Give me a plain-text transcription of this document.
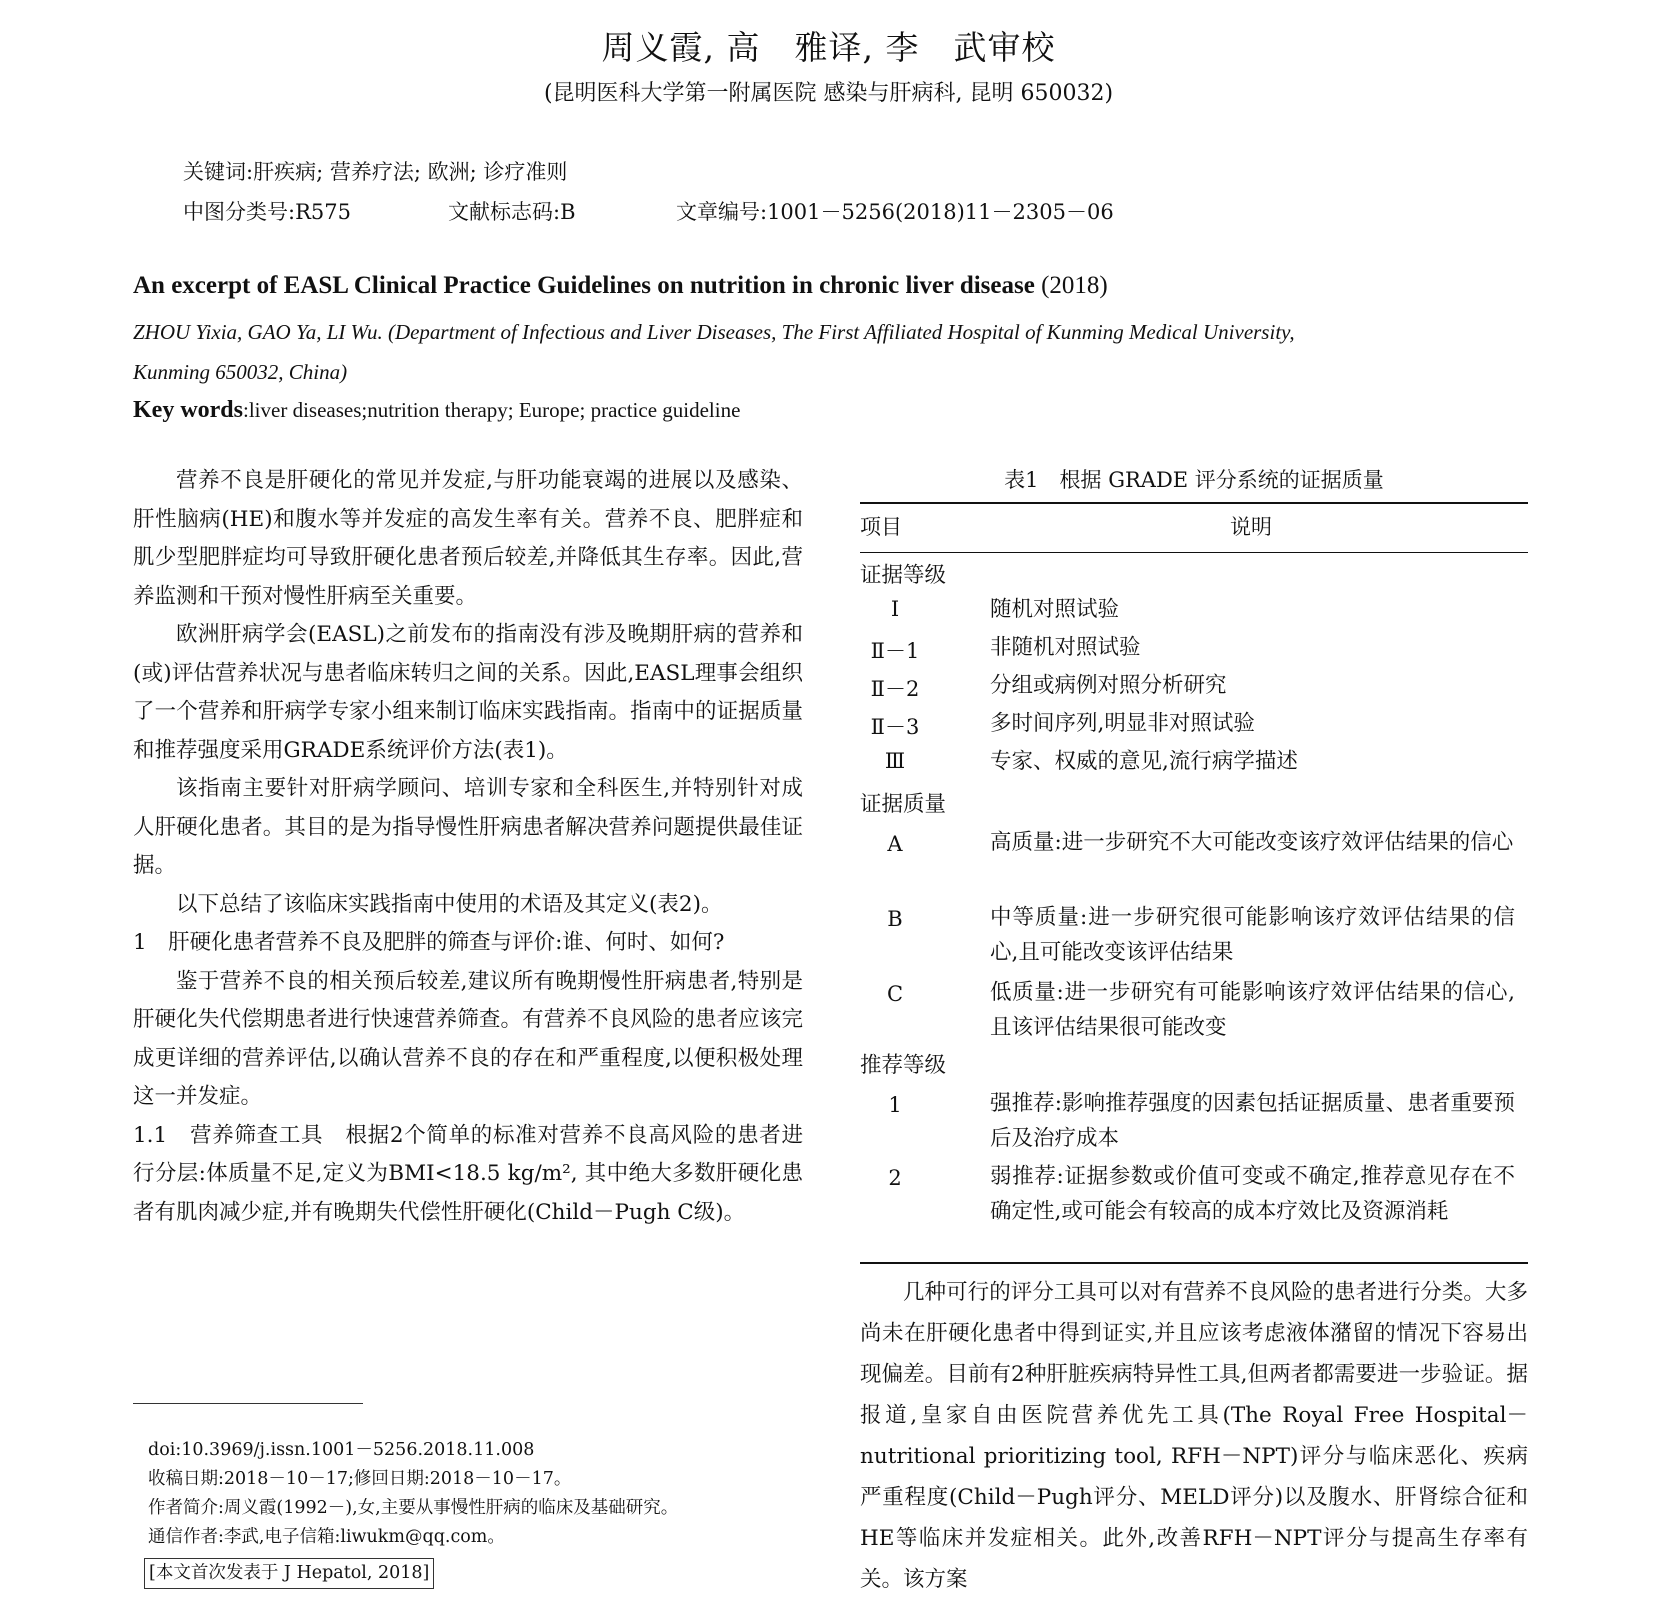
周义霞, 高　雅译, 李　武审校
(昆明医科大学第一附属医院 感染与肝病科, 昆明 650032)
关键词:肝疾病; 营养疗法; 欧洲; 诊疗准则
中图分类号:R575	文献标志码:B	文章编号:1001－5256(2018)11－2305－06
An excerpt of EASL Clinical Practice Guidelines on nutrition in chronic liver disease (2018)
ZHOU Yixia, GAO Ya, LI Wu. (Department of Infectious and Liver Diseases, The First Affiliated Hospital of Kunming Medical University,
Kunming 650032, China)
Key words:liver diseases;nutrition therapy; Europe; practice guideline

营养不良是肝硬化的常见并发症,与肝功能衰竭的进展以及感染、肝性脑病(HE)和腹水等并发症的高发生率有关。营养不良、肥胖症和肌少型肥胖症均可导致肝硬化患者预后较差,并降低其生存率。因此,营养监测和干预对慢性肝病至关重要。

欧洲肝病学会(EASL)之前发布的指南没有涉及晚期肝病的营养和(或)评估营养状况与患者临床转归之间的关系。因此,EASL理事会组织了一个营养和肝病学专家小组来制订临床实践指南。指南中的证据质量和推荐强度采用GRADE系统评价方法(表1)。

该指南主要针对肝病学顾问、培训专家和全科医生,并特别针对成人肝硬化患者。其目的是为指导慢性肝病患者解决营养问题提供最佳证据。

以下总结了该临床实践指南中使用的术语及其定义(表2)。

1　肝硬化患者营养不良及肥胖的筛查与评价:谁、何时、如何?

鉴于营养不良的相关预后较差,建议所有晚期慢性肝病患者,特别是肝硬化失代偿期患者进行快速营养筛查。有营养不良风险的患者应该完成更详细的营养评估,以确认营养不良的存在和严重程度,以便积极处理这一并发症。

1.1　营养筛查工具　根据2个简单的标准对营养不良高风险的患者进行分层:体质量不足,定义为BMI<18.5 kg/m², 其中绝大多数肝硬化患者有肌肉减少症,并有晚期失代偿性肝硬化(Child－Pugh C级)。

doi:10.3969/j.issn.1001－5256.2018.11.008
收稿日期:2018－10－17;修回日期:2018－10－17。
作者简介:周义霞(1992－),女,主要从事慢性肝病的临床及基础研究。
通信作者:李武,电子信箱:liwukm@qq.com。
[本文首次发表于 J Hepatol, 2018]
表1　根据 GRADE 评分系统的证据质量
项目	说明
证据等级
Ⅰ	随机对照试验
Ⅱ－1	非随机对照试验
Ⅱ－2	分组或病例对照分析研究
Ⅱ－3	多时间序列,明显非对照试验
Ⅲ	专家、权威的意见,流行病学描述
证据质量
A	高质量:进一步研究不大可能改变该疗效评估结果的信心
B	中等质量:进一步研究很可能影响该疗效评估结果的信心,且可能改变该评估结果
C	低质量:进一步研究有可能影响该疗效评估结果的信心,且该评估结果很可能改变
推荐等级
1	强推荐:影响推荐强度的因素包括证据质量、患者重要预后及治疗成本
2	弱推荐:证据参数或价值可变或不确定,推荐意见存在不确定性,或可能会有较高的成本疗效比及资源消耗

几种可行的评分工具可以对有营养不良风险的患者进行分类。大多尚未在肝硬化患者中得到证实,并且应该考虑液体潴留的情况下容易出现偏差。目前有2种肝脏疾病特异性工具,但两者都需要进一步验证。据报道,皇家自由医院营养优先工具(The Royal Free Hospital－nutritional prioritizing tool, RFH－NPT)评分与临床恶化、疾病严重程度(Child－Pugh评分、MELD评分)以及腹水、肝肾综合征和HE等临床并发症相关。此外,改善RFH－NPT评分与提高生存率有关。该方案
